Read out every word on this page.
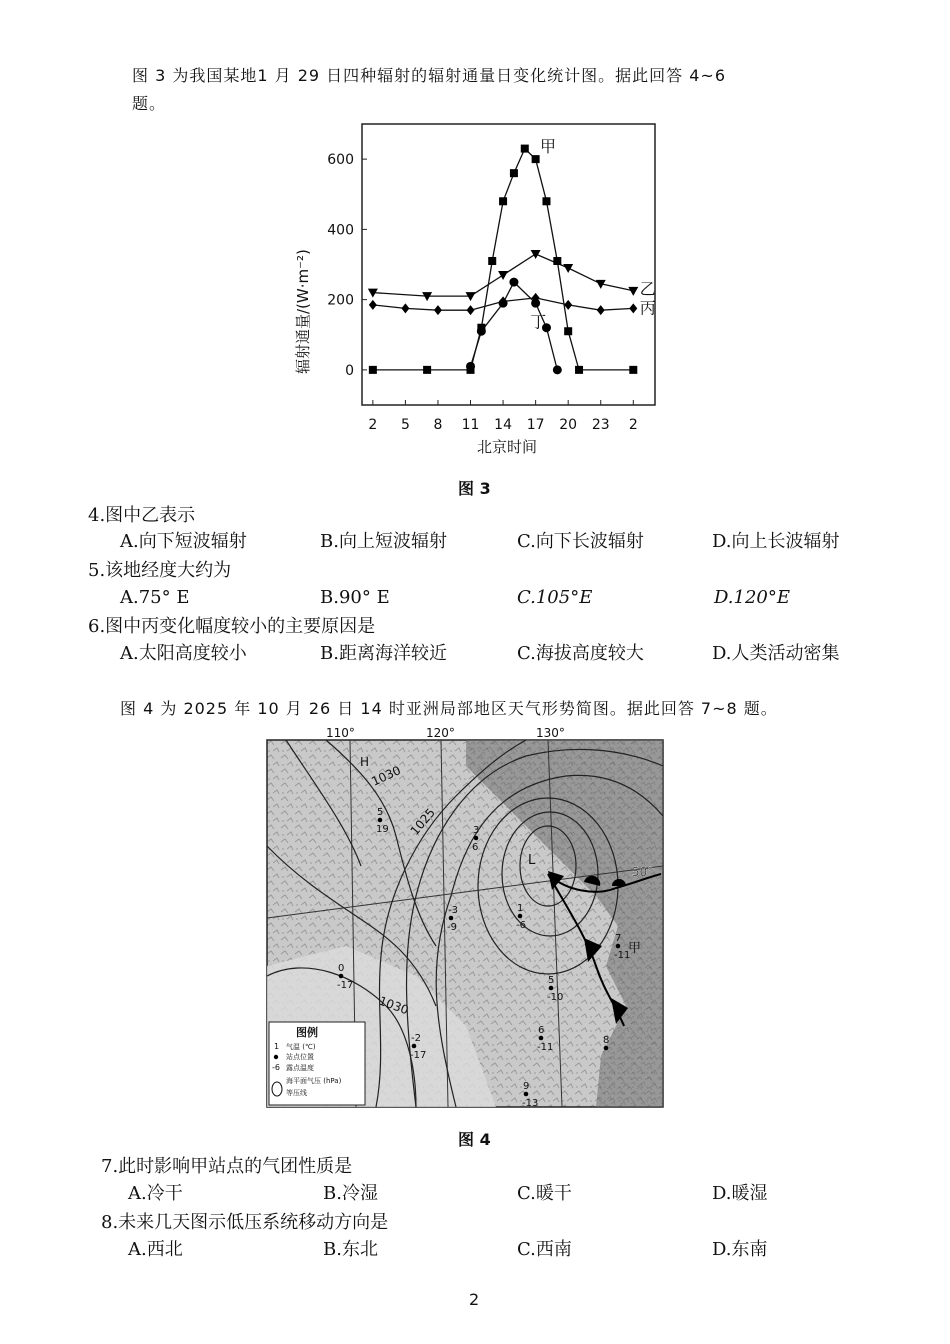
图 3 为我国某地1 月 29 日四种辐射的辐射通量日变化统计图。据此回答 4~6
题。
0
200
400
600
2 5 8 11 14 17 20 23 2
甲
乙
丙
丁
辐射通量/(W·m⁻²)
北京时间
图 3
4.图中乙表示
A.向下短波辐射	B.向上短波辐射	C.向下长波辐射	D.向上长波辐射
5.该地经度大约为
A.75° E	B.90° E	C.105°E	D.120°E
6.图中丙变化幅度较小的主要原因是
A.太阳高度较小	B.距离海洋较近	C.海拔高度较大	D.人类活动密集
图 4 为 2025 年 10 月 26 日 14 时亚洲局部地区天气形势简图。据此回答 7~8 题。
1030
1025
1030
110°	120°	130°
50°
H
L
甲
5
19	3
6
-3
-9
1
-6
7
-11
0
-17	5
-10
6
-11
-2
-17
9
-13
8
图例
1
-6
气温 (℃)
站点位置
露点温度
海平面气压 (hPa)
等压线
图 4
7.此时影响甲站点的气团性质是
A.冷干	B.冷湿	C.暖干	D.暖湿
8.未来几天图示低压系统移动方向是
A.西北	B.东北	C.西南	D.东南
2
